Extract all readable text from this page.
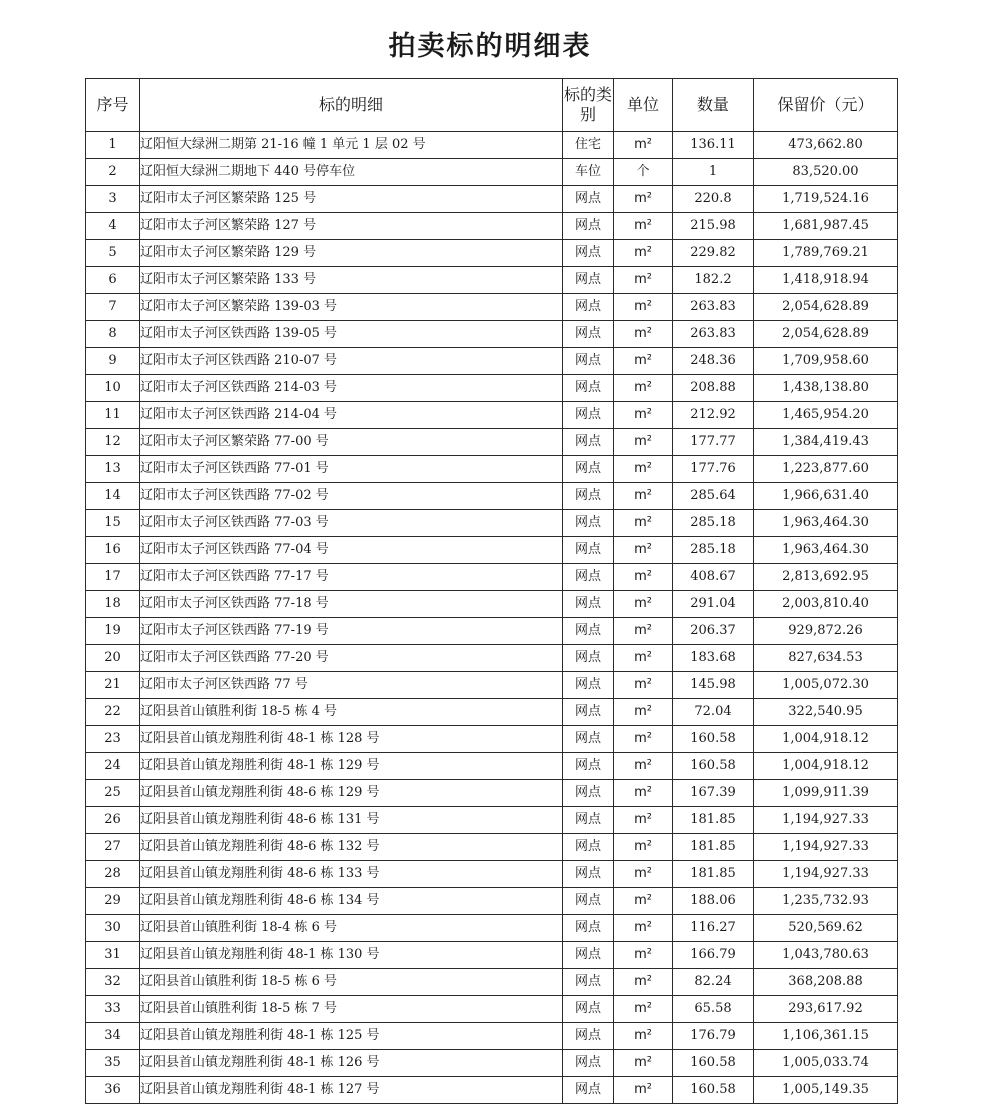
拍卖标的明细表
序号	标的明细	标的类别	单位	数量	保留价（元）
1	辽阳恒大绿洲二期第 21-16 幢 1 单元 1 层 02 号	住宅	m²	136.11	473,662.80
2	辽阳恒大绿洲二期地下 440 号停车位	车位	个	1	83,520.00
3	辽阳市太子河区繁荣路 125 号	网点	m²	220.8	1,719,524.16
4	辽阳市太子河区繁荣路 127 号	网点	m²	215.98	1,681,987.45
5	辽阳市太子河区繁荣路 129 号	网点	m²	229.82	1,789,769.21
6	辽阳市太子河区繁荣路 133 号	网点	m²	182.2	1,418,918.94
7	辽阳市太子河区繁荣路 139-03 号	网点	m²	263.83	2,054,628.89
8	辽阳市太子河区铁西路 139-05 号	网点	m²	263.83	2,054,628.89
9	辽阳市太子河区铁西路 210-07 号	网点	m²	248.36	1,709,958.60
10	辽阳市太子河区铁西路 214-03 号	网点	m²	208.88	1,438,138.80
11	辽阳市太子河区铁西路 214-04 号	网点	m²	212.92	1,465,954.20
12	辽阳市太子河区繁荣路 77-00 号	网点	m²	177.77	1,384,419.43
13	辽阳市太子河区铁西路 77-01 号	网点	m²	177.76	1,223,877.60
14	辽阳市太子河区铁西路 77-02 号	网点	m²	285.64	1,966,631.40
15	辽阳市太子河区铁西路 77-03 号	网点	m²	285.18	1,963,464.30
16	辽阳市太子河区铁西路 77-04 号	网点	m²	285.18	1,963,464.30
17	辽阳市太子河区铁西路 77-17 号	网点	m²	408.67	2,813,692.95
18	辽阳市太子河区铁西路 77-18 号	网点	m²	291.04	2,003,810.40
19	辽阳市太子河区铁西路 77-19 号	网点	m²	206.37	929,872.26
20	辽阳市太子河区铁西路 77-20 号	网点	m²	183.68	827,634.53
21	辽阳市太子河区铁西路 77 号	网点	m²	145.98	1,005,072.30
22	辽阳县首山镇胜利街 18-5 栋 4 号	网点	m²	72.04	322,540.95
23	辽阳县首山镇龙翔胜利街 48-1 栋 128 号	网点	m²	160.58	1,004,918.12
24	辽阳县首山镇龙翔胜利街 48-1 栋 129 号	网点	m²	160.58	1,004,918.12
25	辽阳县首山镇龙翔胜利街 48-6 栋 129 号	网点	m²	167.39	1,099,911.39
26	辽阳县首山镇龙翔胜利街 48-6 栋 131 号	网点	m²	181.85	1,194,927.33
27	辽阳县首山镇龙翔胜利街 48-6 栋 132 号	网点	m²	181.85	1,194,927.33
28	辽阳县首山镇龙翔胜利街 48-6 栋 133 号	网点	m²	181.85	1,194,927.33
29	辽阳县首山镇龙翔胜利街 48-6 栋 134 号	网点	m²	188.06	1,235,732.93
30	辽阳县首山镇胜利街 18-4 栋 6 号	网点	m²	116.27	520,569.62
31	辽阳县首山镇龙翔胜利街 48-1 栋 130 号	网点	m²	166.79	1,043,780.63
32	辽阳县首山镇胜利街 18-5 栋 6 号	网点	m²	82.24	368,208.88
33	辽阳县首山镇胜利街 18-5 栋 7 号	网点	m²	65.58	293,617.92
34	辽阳县首山镇龙翔胜利街 48-1 栋 125 号	网点	m²	176.79	1,106,361.15
35	辽阳县首山镇龙翔胜利街 48-1 栋 126 号	网点	m²	160.58	1,005,033.74
36	辽阳县首山镇龙翔胜利街 48-1 栋 127 号	网点	m²	160.58	1,005,149.35
